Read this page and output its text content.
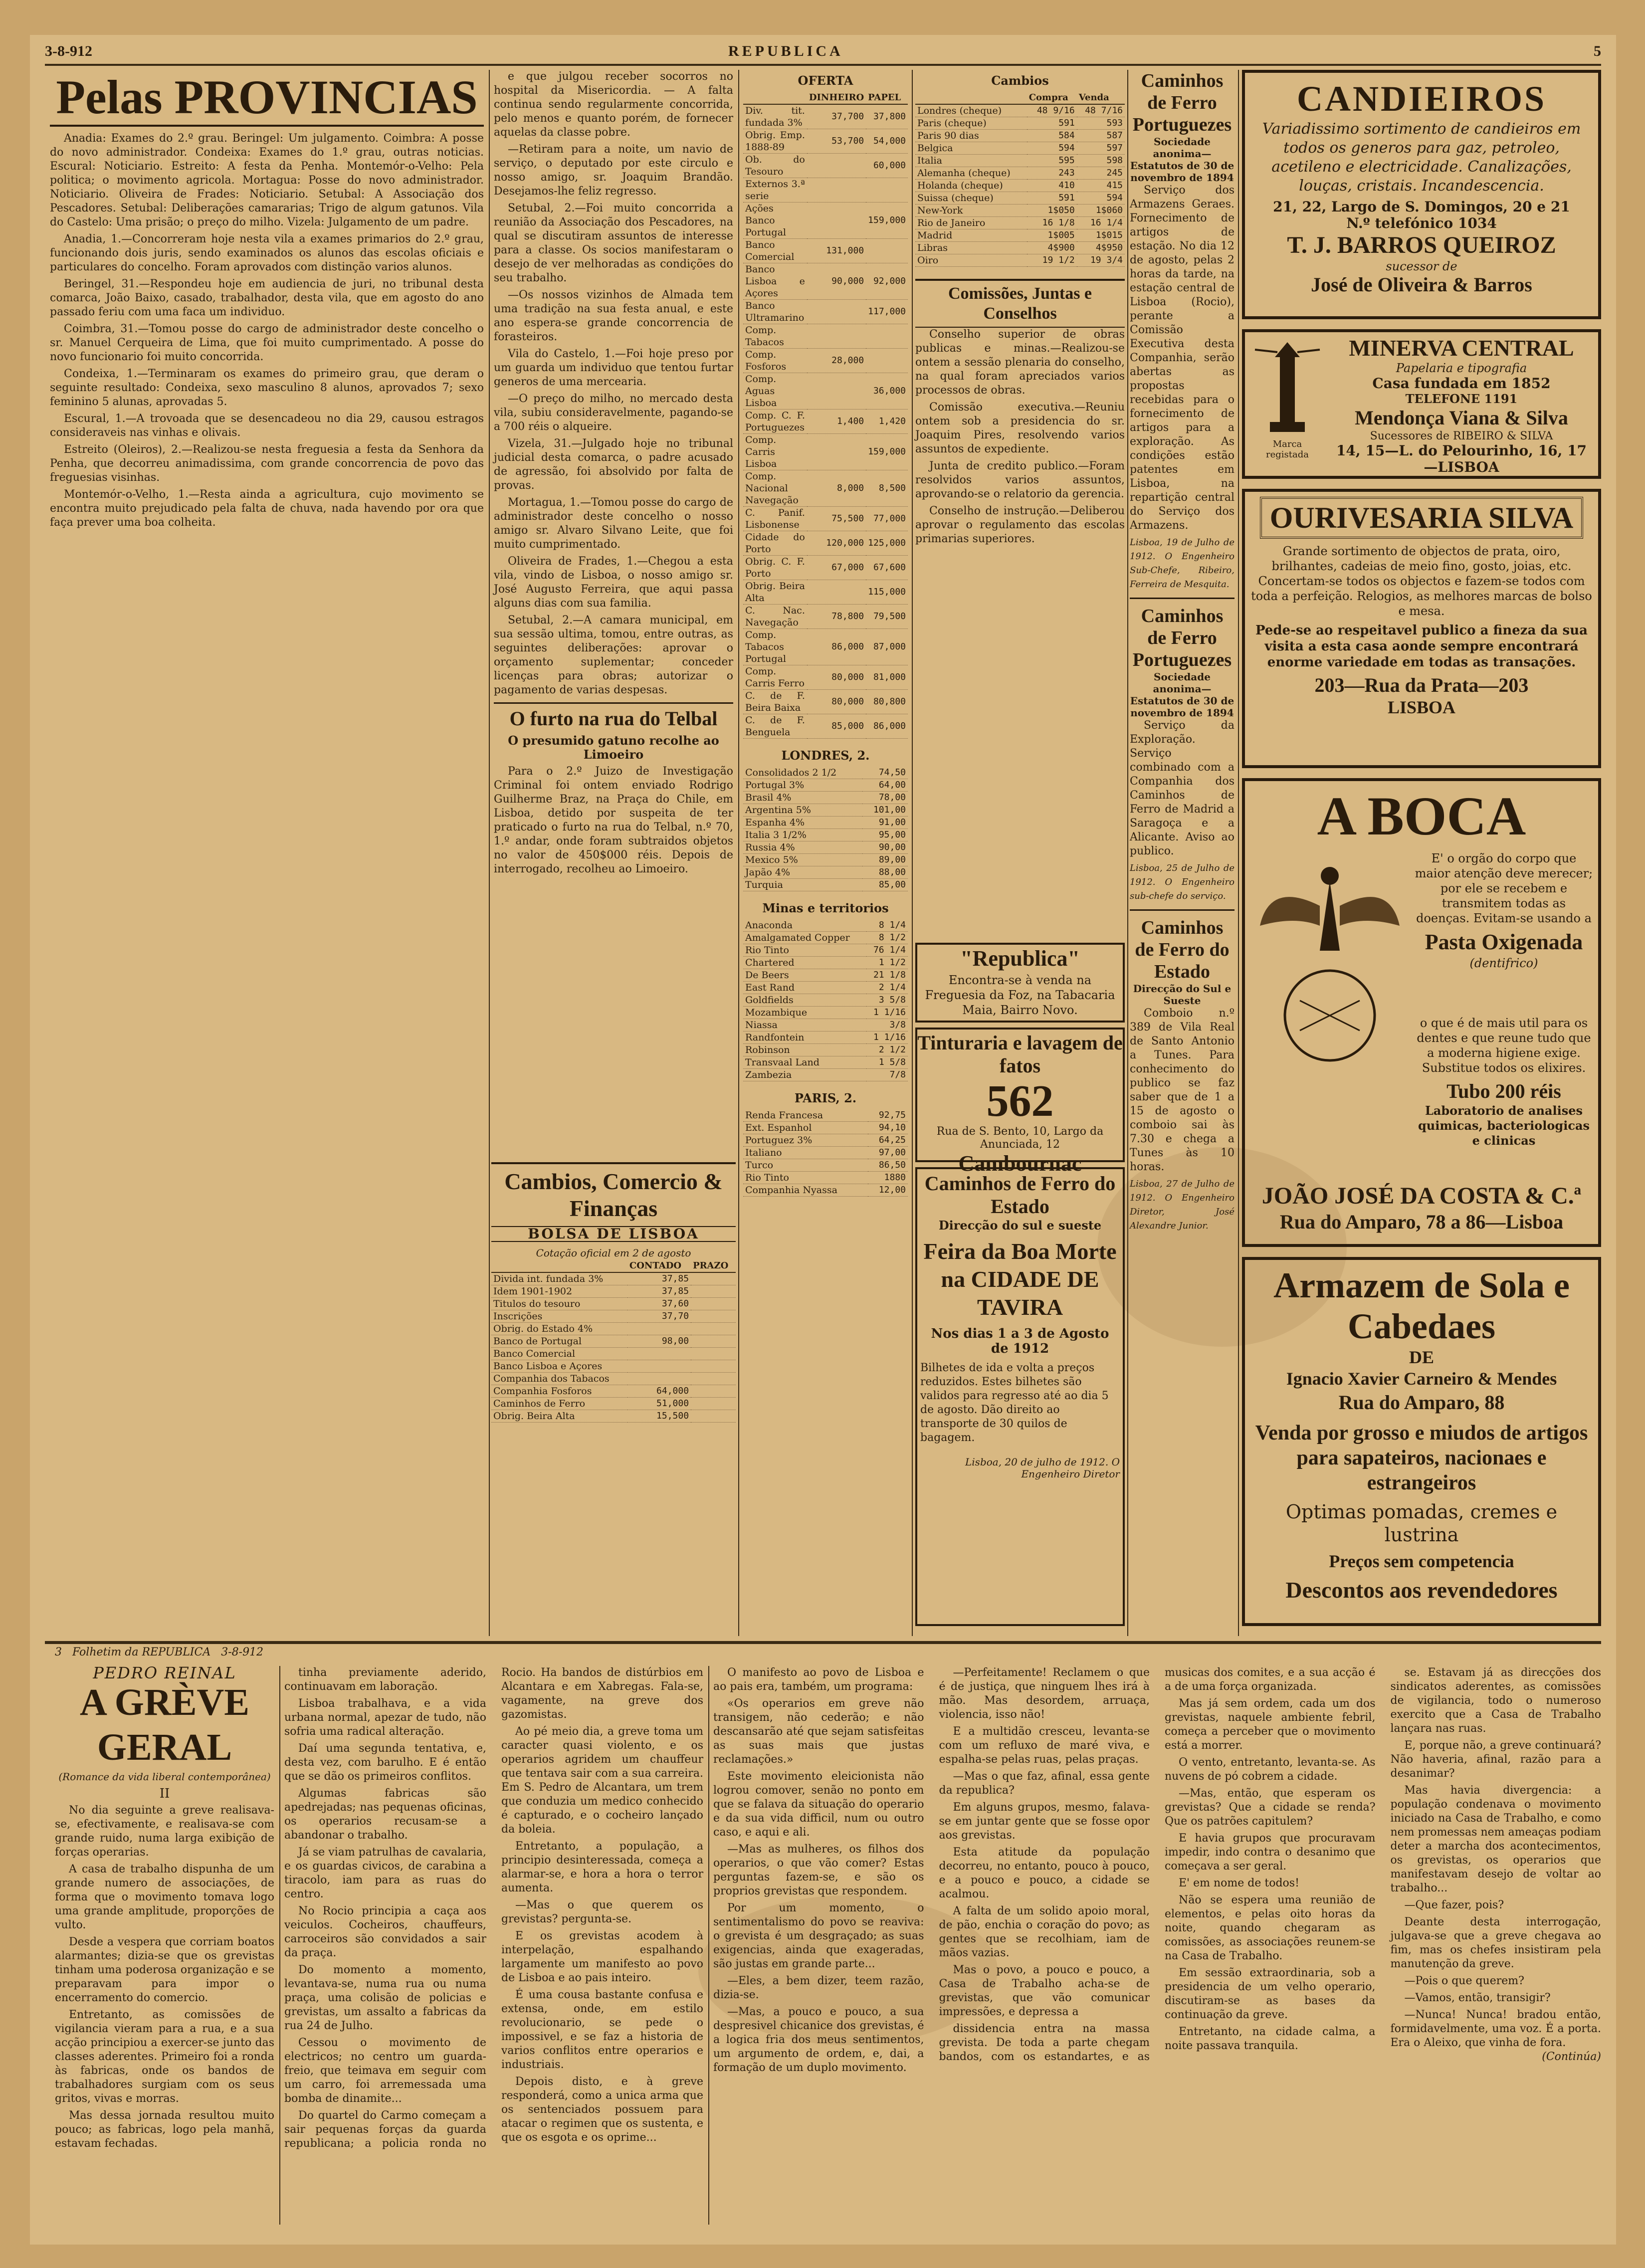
3-8-912	REPUBLICA	5
Pelas PROVINCIAS

Anadia: Exames do 2.º grau. Beringel: Um julgamento. Coimbra: A posse do novo administrador. Condeixa: Exames do 1.º grau, outras noticias. Escural: Noticiario. Estreito: A festa da Penha. Montemór-o-Velho: Pela politica; o movimento agricola. Mortagua: Posse do novo administrador. Noticiario. Oliveira de Frades: Noticiario. Setubal: A Associação dos Pescadores. Setubal: Deliberações camararias; Trigo de algum gatunos. Vila do Castelo: Uma prisão; o preço do milho. Vizela: Julgamento de um padre.

Anadia, 1.—Concorreram hoje nesta vila a exames primarios do 2.º grau, funcionando dois juris, sendo examinados os alunos das escolas oficiais e particulares do concelho. Foram aprovados com distinção varios alunos.

Beringel, 31.—Respondeu hoje em audiencia de juri, no tribunal desta comarca, João Baixo, casado, trabalhador, desta vila, que em agosto do ano passado feriu com uma faca um individuo.

Coimbra, 31.—Tomou posse do cargo de administrador deste concelho o sr. Manuel Cerqueira de Lima, que foi muito cumprimentado. A posse do novo funcionario foi muito concorrida.

Condeixa, 1.—Terminaram os exames do primeiro grau, que deram o seguinte resultado: Condeixa, sexo masculino 8 alunos, aprovados 7; sexo feminino 5 alunas, aprovadas 5.

Escural, 1.—A trovoada que se desencadeou no dia 29, causou estragos consideraveis nas vinhas e olivais.

Estreito (Oleiros), 2.—Realizou-se nesta freguesia a festa da Senhora da Penha, que decorreu animadissima, com grande concorrencia de povo das freguesias visinhas.

Montemór-o-Velho, 1.—Resta ainda a agricultura, cujo movimento se encontra muito prejudicado pela falta de chuva, nada havendo por ora que faça prever uma boa colheita.

e que julgou receber socorros no hospital da Misericordia. — A falta continua sendo regularmente concorrida, pelo menos e quanto porém, de fornecer aquelas da classe pobre.

—Retiram para a noite, um navio de serviço, o deputado por este circulo e nosso amigo, sr. Joaquim Brandão. Desejamos-lhe feliz regresso.

Setubal, 2.—Foi muito concorrida a reunião da Associação dos Pescadores, na qual se discutiram assuntos de interesse para a classe. Os socios manifestaram o desejo de ver melhoradas as condições do seu trabalho.

—Os nossos vizinhos de Almada tem uma tradição na sua festa anual, e este ano espera-se grande concorrencia de forasteiros.

Vila do Castelo, 1.—Foi hoje preso por um guarda um individuo que tentou furtar generos de uma mercearia.

—O preço do milho, no mercado desta vila, subiu consideravelmente, pagando-se a 700 réis o alqueire.

Vizela, 31.—Julgado hoje no tribunal judicial desta comarca, o padre acusado de agressão, foi absolvido por falta de provas.

Mortagua, 1.—Tomou posse do cargo de administrador deste concelho o nosso amigo sr. Alvaro Silvano Leite, que foi muito cumprimentado.

Oliveira de Frades, 1.—Chegou a esta vila, vindo de Lisboa, o nosso amigo sr. José Augusto Ferreira, que aqui passa alguns dias com sua familia.

Setubal, 2.—A camara municipal, em sua sessão ultima, tomou, entre outras, as seguintes deliberações: aprovar o orçamento suplementar; conceder licenças para obras; autorizar o pagamento de varias despesas.

O furto na rua do Telbal
O presumido gatuno recolhe ao Limoeiro

Para o 2.º Juizo de Investigação Criminal foi ontem enviado Rodrigo Guilherme Braz, na Praça do Chile, em Lisboa, detido por suspeita de ter praticado o furto na rua do Telbal, n.º 70, 1.º andar, onde foram subtraidos objetos no valor de 450$000 réis. Depois de interrogado, recolheu ao Limoeiro.

Cambios, Comercio & Finanças
BOLSA DE LISBOA
Cotação oficial em 2 de agosto
	CONTADO	PRAZO
Divida int. fundada 3%	37,85	
Idem 1901-1902	37,85	
Titulos do tesouro	37,60	
Inscrições	37,70	
Obrig. do Estado 4%		
Banco de Portugal	98,00	
Banco Comercial		
Banco Lisboa e Açores		
Companhia dos Tabacos		
Companhia Fosforos	64,000	
Caminhos de Ferro	51,000	
Obrig. Beira Alta	15,500	
OFERTA
	DINHEIRO	PAPEL
Div. tit. fundada 3%	37,700	37,800
Obrig. Emp. 1888-89	53,700	54,000
Ob. do Tesouro		60,000
Externos 3.ª serie		
Ações Banco Portugal		159,000
Banco Comercial	131,000	
Banco Lisboa e Açores	90,000	92,000
Banco Ultramarino		117,000
Comp. Tabacos		
Comp. Fosforos	28,000	
Comp. Aguas Lisboa		36,000
Comp. C. F. Portuguezes	1,400	1,420
Comp. Carris Lisboa		159,000
Comp. Nacional Navegação	8,000	8,500
C. Panif. Lisbonense	75,500	77,000
Cidade do Porto	120,000	125,000
Obrig. C. F. Porto	67,000	67,600
Obrig. Beira Alta		115,000
C. Nac. Navegação	78,800	79,500
Comp. Tabacos Portugal	86,000	87,000
Comp. Carris Ferro	80,000	81,000
C. de F. Beira Baixa	80,000	80,800
C. de F. Benguela	85,000	86,000
LONDRES, 2.
Consolidados 2 1/2	74,50
Portugal 3%	64,00
Brasil 4%	78,00
Argentina 5%	101,00
Espanha 4%	91,00
Italia 3 1/2%	95,00
Russia 4%	90,00
Mexico 5%	89,00
Japão 4%	88,00
Turquia	85,00
Minas e territorios
Anaconda	8 1/4
Amalgamated Copper	8 1/2
Rio Tinto	76 1/4
Chartered	1 1/2
De Beers	21 1/8
East Rand	2 1/4
Goldfields	3 5/8
Mozambique	1 1/16
Niassa	3/8
Randfontein	1 1/16
Robinson	2 1/2
Transvaal Land	1 5/8
Zambezia	7/8
PARIS, 2.
Renda Francesa	92,75
Ext. Espanhol	94,10
Portuguez 3%	64,25
Italiano	97,00
Turco	86,50
Rio Tinto	1880
Companhia Nyassa	12,00
Cambios
	Compra	Venda
Londres (cheque)	48 9/16	48 7/16
Paris (cheque)	591	593
Paris 90 dias	584	587
Belgica	594	597
Italia	595	598
Alemanha (cheque)	243	245
Holanda (cheque)	410	415
Suissa (cheque)	591	594
New-York	1$050	1$060
Rio de Janeiro	16 1/8	16 1/4
Madrid	1$005	1$015
Libras	4$900	4$950
Oiro	19 1/2	19 3/4
Comissões, Juntas e Conselhos

Conselho superior de obras publicas e minas.—Realizou-se ontem a sessão plenaria do conselho, na qual foram apreciados varios processos de obras.

Comissão executiva.—Reuniu ontem sob a presidencia do sr. Joaquim Pires, resolvendo varios assuntos de expediente.

Junta de credito publico.—Foram resolvidos varios assuntos, aprovando-se o relatorio da gerencia.

Conselho de instrução.—Deliberou aprovar o regulamento das escolas primarias superiores.

"Republica"
Encontra-se à venda na Freguesia da Foz, na Tabacaria Maia, Bairro Novo.
Tinturaria e lavagem de fatos
562
Rua de S. Bento, 10, Largo da Anunciada, 12
Cambournac
Caminhos de Ferro do Estado
Direcção do sul e sueste
Feira da Boa Morte na CIDADE DE TAVIRA
Nos dias 1 a 3 de Agosto de 1912

Bilhetes de ida e volta a preços reduzidos. Estes bilhetes são validos para regresso até ao dia 5 de agosto. Dão direito ao transporte de 30 quilos de bagagem.

Lisboa, 20 de julho de 1912. O Engenheiro Diretor
Caminhos de Ferro Portuguezes
Sociedade anonima—Estatutos de 30 de novembro de 1894

Serviço dos Armazens Geraes. Fornecimento de artigos de estação. No dia 12 de agosto, pelas 2 horas da tarde, na estação central de Lisboa (Rocio), perante a Comissão Executiva desta Companhia, serão abertas as propostas recebidas para o fornecimento de artigos para a exploração. As condições estão patentes em Lisboa, na repartição central do Serviço dos Armazens.

Lisboa, 19 de Julho de 1912. O Engenheiro Sub-Chefe, Ribeiro, Ferreira de Mesquita.
Caminhos de Ferro Portuguezes
Sociedade anonima—Estatutos de 30 de novembro de 1894

Serviço da Exploração. Serviço combinado com a Companhia dos Caminhos de Ferro de Madrid a Saragoça e a Alicante. Aviso ao publico.

Lisboa, 25 de Julho de 1912. O Engenheiro sub-chefe do serviço.
Caminhos de Ferro do Estado
Direcção do Sul e Sueste

Comboio n.º 389 de Vila Real de Santo Antonio a Tunes. Para conhecimento do publico se faz saber que de 1 a 15 de agosto o comboio sai às 7.30 e chega a Tunes às 10 horas.

Lisboa, 27 de Julho de 1912. O Engenheiro Diretor, José Alexandre Junior.
CANDIEIROS
Variadissimo sortimento de candieiros em todos os generos para gaz, petroleo, acetileno e electricidade. Canalizações, louças, cristais. Incandescencia.
21, 22, Largo de S. Domingos, 20 e 21
N.º telefónico 1034
T. J. BARROS QUEIROZ
sucessor de
José de Oliveira & Barros
Marca registada
MINERVA CENTRAL
Papelaria e tipografia
Casa fundada em 1852
TELEFONE 1191
Mendonça Viana & Silva
Sucessores de RIBEIRO & SILVA
14, 15—L. do Pelourinho, 16, 17—LISBOA
OURIVESARIA SILVA
Grande sortimento de objectos de prata, oiro, brilhantes, cadeias de meio fino, gosto, joias, etc. Concertam-se todos os objectos e fazem-se todos com toda a perfeição. Relogios, as melhores marcas de bolso e mesa.
Pede-se ao respeitavel publico a fineza da sua visita a esta casa aonde sempre encontrará enorme variedade em todas as transações.
203—Rua da Prata—203
LISBOA
A BOCA
E' o orgão do corpo que maior atenção deve merecer; por ele se recebem e transmitem todas as doenças. Evitam-se usando a
Pasta Oxigenada
(dentifrico)
o que é de mais util para os dentes e que reune tudo que a moderna higiene exige. Substitue todos os elixires.
Tubo 200 réis
Laboratorio de analises quimicas, bacteriologicas e clinicas
JOÃO JOSÉ DA COSTA & C.ª
Rua do Amparo, 78 a 86—Lisboa
Armazem de Sola e Cabedaes
DE
Ignacio Xavier Carneiro & Mendes
Rua do Amparo, 88
Venda por grosso e miudos de artigos para sapateiros, nacionaes e estrangeiros
Optimas pomadas, cremes e lustrina
Preços sem competencia
Descontos aos revendedores
3 Folhetim da REPUBLICA 3-8-912
PEDRO REINAL
A GRÈVE GERAL
(Romance da vida liberal contemporânea)
II

No dia seguinte a greve realisava-se, efectivamente, e realisava-se com grande ruido, numa larga exibição de forças operarias.

A casa de trabalho dispunha de um grande numero de associações, de forma que o movimento tomava logo uma grande amplitude, proporções de vulto.

Desde a vespera que corriam boatos alarmantes; dizia-se que os grevistas tinham uma poderosa organização e se preparavam para impor o encerramento do comercio.

Entretanto, as comissões de vigilancia vieram para a rua, e a sua acção principiou a exercer-se junto das classes aderentes. Primeiro foi a ronda às fabricas, onde os bandos de trabalhadores surgiam com os seus gritos, vivas e morras.

Mas dessa jornada resultou muito pouco; as fabricas, logo pela manhã, estavam fechadas.

tinha previamente aderido, continuavam em laboração.

Lisboa trabalhava, e a vida urbana normal, apezar de tudo, não sofria uma radical alteração.

Daí uma segunda tentativa, e, desta vez, com barulho. E é então que se dão os primeiros conflitos.

Algumas fabricas são apedrejadas; nas pequenas oficinas, os operarios recusam-se a abandonar o trabalho.

Já se viam patrulhas de cavalaria, e os guardas civicos, de carabina a tiracolo, iam para as ruas do centro.

No Rocio principia a caça aos veiculos. Cocheiros, chauffeurs, carroceiros são convidados a sair da praça.

Do momento a momento, levantava-se, numa rua ou numa praça, uma colisão de policias e grevistas, um assalto a fabricas da rua 24 de Julho.

Cessou o movimento de electricos; no centro um guarda-freio, que teimava em seguir com um carro, foi arremessada uma bomba de dinamite...

Do quartel do Carmo começam a sair pequenas forças da guarda republicana; a policia ronda no Rocio. Ha bandos de distúrbios em Alcantara e em Xabregas. Fala-se, vagamente, na greve dos gazomistas.

Ao pé meio dia, a greve toma um caracter quasi violento, e os operarios agridem um chauffeur que tentava sair com a sua carreira. Em S. Pedro de Alcantara, um trem que conduzia um medico conhecido é capturado, e o cocheiro lançado da boleia.

Entretanto, a população, a principio desinteressada, começa a alarmar-se, e hora a hora o terror aumenta.

—Mas o que querem os grevistas? pergunta-se.

E os grevistas acodem à interpelação, espalhando largamente um manifesto ao povo de Lisboa e ao pais inteiro.

É uma cousa bastante confusa e extensa, onde, em estilo revolucionario, se pede o impossivel, e se faz a historia de varios conflitos entre operarios e industriais.

Depois disto, e à greve responderá, como a unica arma que os sentenciados possuem para atacar o regimen que os sustenta, e que os esgota e os oprime...

O manifesto ao povo de Lisboa e ao pais era, também, um programa:

«Os operarios em greve não transigem, não cederão; e não descansarão até que sejam satisfeitas as suas mais que justas reclamações.»

Este movimento eleicionista não logrou comover, senão no ponto em que se falava da situação do operario e da sua vida difficil, num ou outro caso, e aqui e ali.

—Mas as mulheres, os filhos dos operarios, o que vão comer? Estas perguntas fazem-se, e são os proprios grevistas que respondem.

Por um momento, o sentimentalismo do povo se reaviva: o grevista é um desgraçado; as suas exigencias, ainda que exageradas, são justas em grande parte...

—Eles, a bem dizer, teem razão, dizia-se.

—Mas, a pouco e pouco, a sua despresivel chicanice dos grevistas, é a logica fria dos meus sentimentos, um argumento de ordem, e, dai, a formação de um duplo movimento.

—Perfeitamente! Reclamem o que é de justiça, que ninguem lhes irá à mão. Mas desordem, arruaça, violencia, isso não!

E a multidão cresceu, levanta-se com um refluxo de maré viva, e espalha-se pelas ruas, pelas praças.

—Mas o que faz, afinal, essa gente da republica?

Em alguns grupos, mesmo, falava-se em juntar gente que se fosse opor aos grevistas.

Esta atitude da população decorreu, no entanto, pouco à pouco, e a pouco e pouco, a cidade se acalmou.

A falta de um solido apoio moral, de pão, enchia o coração do povo; as gentes que se recolhiam, iam de mãos vazias.

Mas o povo, a pouco e pouco, a Casa de Trabalho acha-se de grevistas, que vão comunicar impressões, e depressa a

dissidencia entra na massa grevista. De toda a parte chegam bandos, com os estandartes, e as musicas dos comites, e a sua acção é a de uma força organizada.

Mas já sem ordem, cada um dos grevistas, naquele ambiente febril, começa a perceber que o movimento está a morrer.

O vento, entretanto, levanta-se. As nuvens de pó cobrem a cidade.

—Mas, então, que esperam os grevistas? Que a cidade se renda? Que os patrões capitulem?

E havia grupos que procuravam impedir, indo contra o desanimo que começava a ser geral.

E' em nome de todos!

Não se espera uma reunião de elementos, e pelas oito horas da noite, quando chegaram as comissões, as associações reunem-se na Casa de Trabalho.

Em sessão extraordinaria, sob a presidencia de um velho operario, discutiram-se as bases da continuação da greve.

Entretanto, na cidade calma, a noite passava tranquila.

se. Estavam já as direcções dos sindicatos aderentes, as comissões de vigilancia, todo o numeroso exercito que a Casa de Trabalho lançara nas ruas.

E, porque não, a greve continuará? Não haveria, afinal, razão para a desanimar?

Mas havia divergencia: a população condenava o movimento iniciado na Casa de Trabalho, e como nem promessas nem ameaças podiam deter a marcha dos acontecimentos, os grevistas, os operarios que manifestavam desejo de voltar ao trabalho...

—Que fazer, pois?

Deante desta interrogação, julgava-se que a greve chegava ao fim, mas os chefes insistiram pela manutenção da greve.

—Pois o que querem?

—Vamos, então, transigir?

—Nunca! Nunca! bradou então, formidavelmente, uma voz. É a porta. Era o Aleixo, que vinha de fora.

(Continúa)
